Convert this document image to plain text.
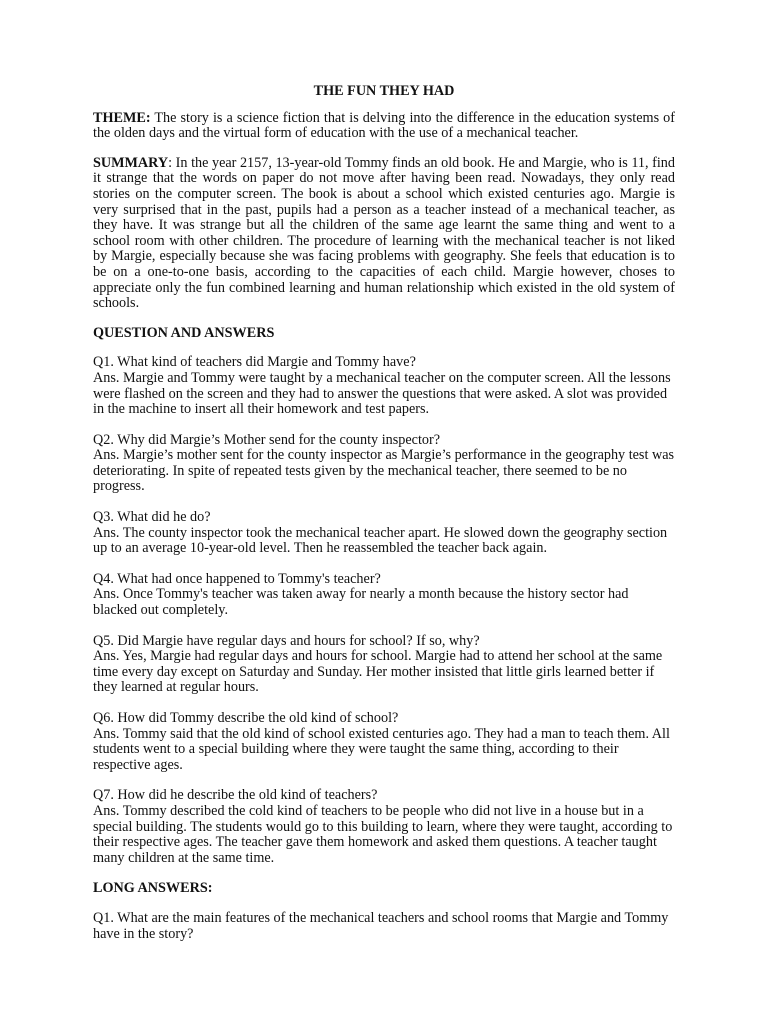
THE FUN THEY HAD

THEME: The story is a science fiction that is delving into the difference in the education systems of the olden days and the virtual form of education with the use of a mechanical teacher.

SUMMARY: In the year 2157, 13-year-old Tommy finds an old book. He and Margie, who is 11, find it strange that the words on paper do not move after having been read. Nowadays, they only read stories on the computer screen. The book is about a school which existed centuries ago. Margie is very surprised that in the past, pupils had a person as a teacher instead of a mechanical teacher, as they have. It was strange but all the children of the same age learnt the same thing and went to a school room with other children. The procedure of learning with the mechanical teacher is not liked by Margie, especially because she was facing problems with geography. She feels that education is to be on a one-to-one basis, according to the capacities of each child. Margie however, choses to appreciate only the fun combined learning and human relationship which existed in the old system of schools.

QUESTION AND ANSWERS

Q1. What kind of teachers did Margie and Tommy have?

Ans. Margie and Tommy were taught by a mechanical teacher on the computer screen. All the lessons were flashed on the screen and they had to answer the questions that were asked. A slot was provided in the machine to insert all their homework and test papers.

Q2. Why did Margie’s Mother send for the county inspector?

Ans. Margie’s mother sent for the county inspector as Margie’s performance in the geography test was deteriorating. In spite of repeated tests given by the mechanical teacher, there seemed to be no progress.

Q3. What did he do?

Ans. The county inspector took the mechanical teacher apart. He slowed down the geography section up to an average 10-year-old level. Then he reassembled the teacher back again.

Q4. What had once happened to Tommy's teacher?

Ans. Once Tommy's teacher was taken away for nearly a month because the history sector had blacked out completely.

Q5. Did Margie have regular days and hours for school? If so, why?

Ans. Yes, Margie had regular days and hours for school. Margie had to attend her school at the same time every day except on Saturday and Sunday. Her mother insisted that little girls learned better if they learned at regular hours.

Q6. How did Tommy describe the old kind of school?

Ans. Tommy said that the old kind of school existed centuries ago. They had a man to teach them. All students went to a special building where they were taught the same thing, according to their respective ages.

Q7. How did he describe the old kind of teachers?

Ans. Tommy described the cold kind of teachers to be people who did not live in a house but in a special building. The students would go to this building to learn, where they were taught, according to their respective ages. The teacher gave them homework and asked them questions. A teacher taught many children at the same time.

LONG ANSWERS:

Q1. What are the main features of the mechanical teachers and school rooms that Margie and Tommy have in the story?
